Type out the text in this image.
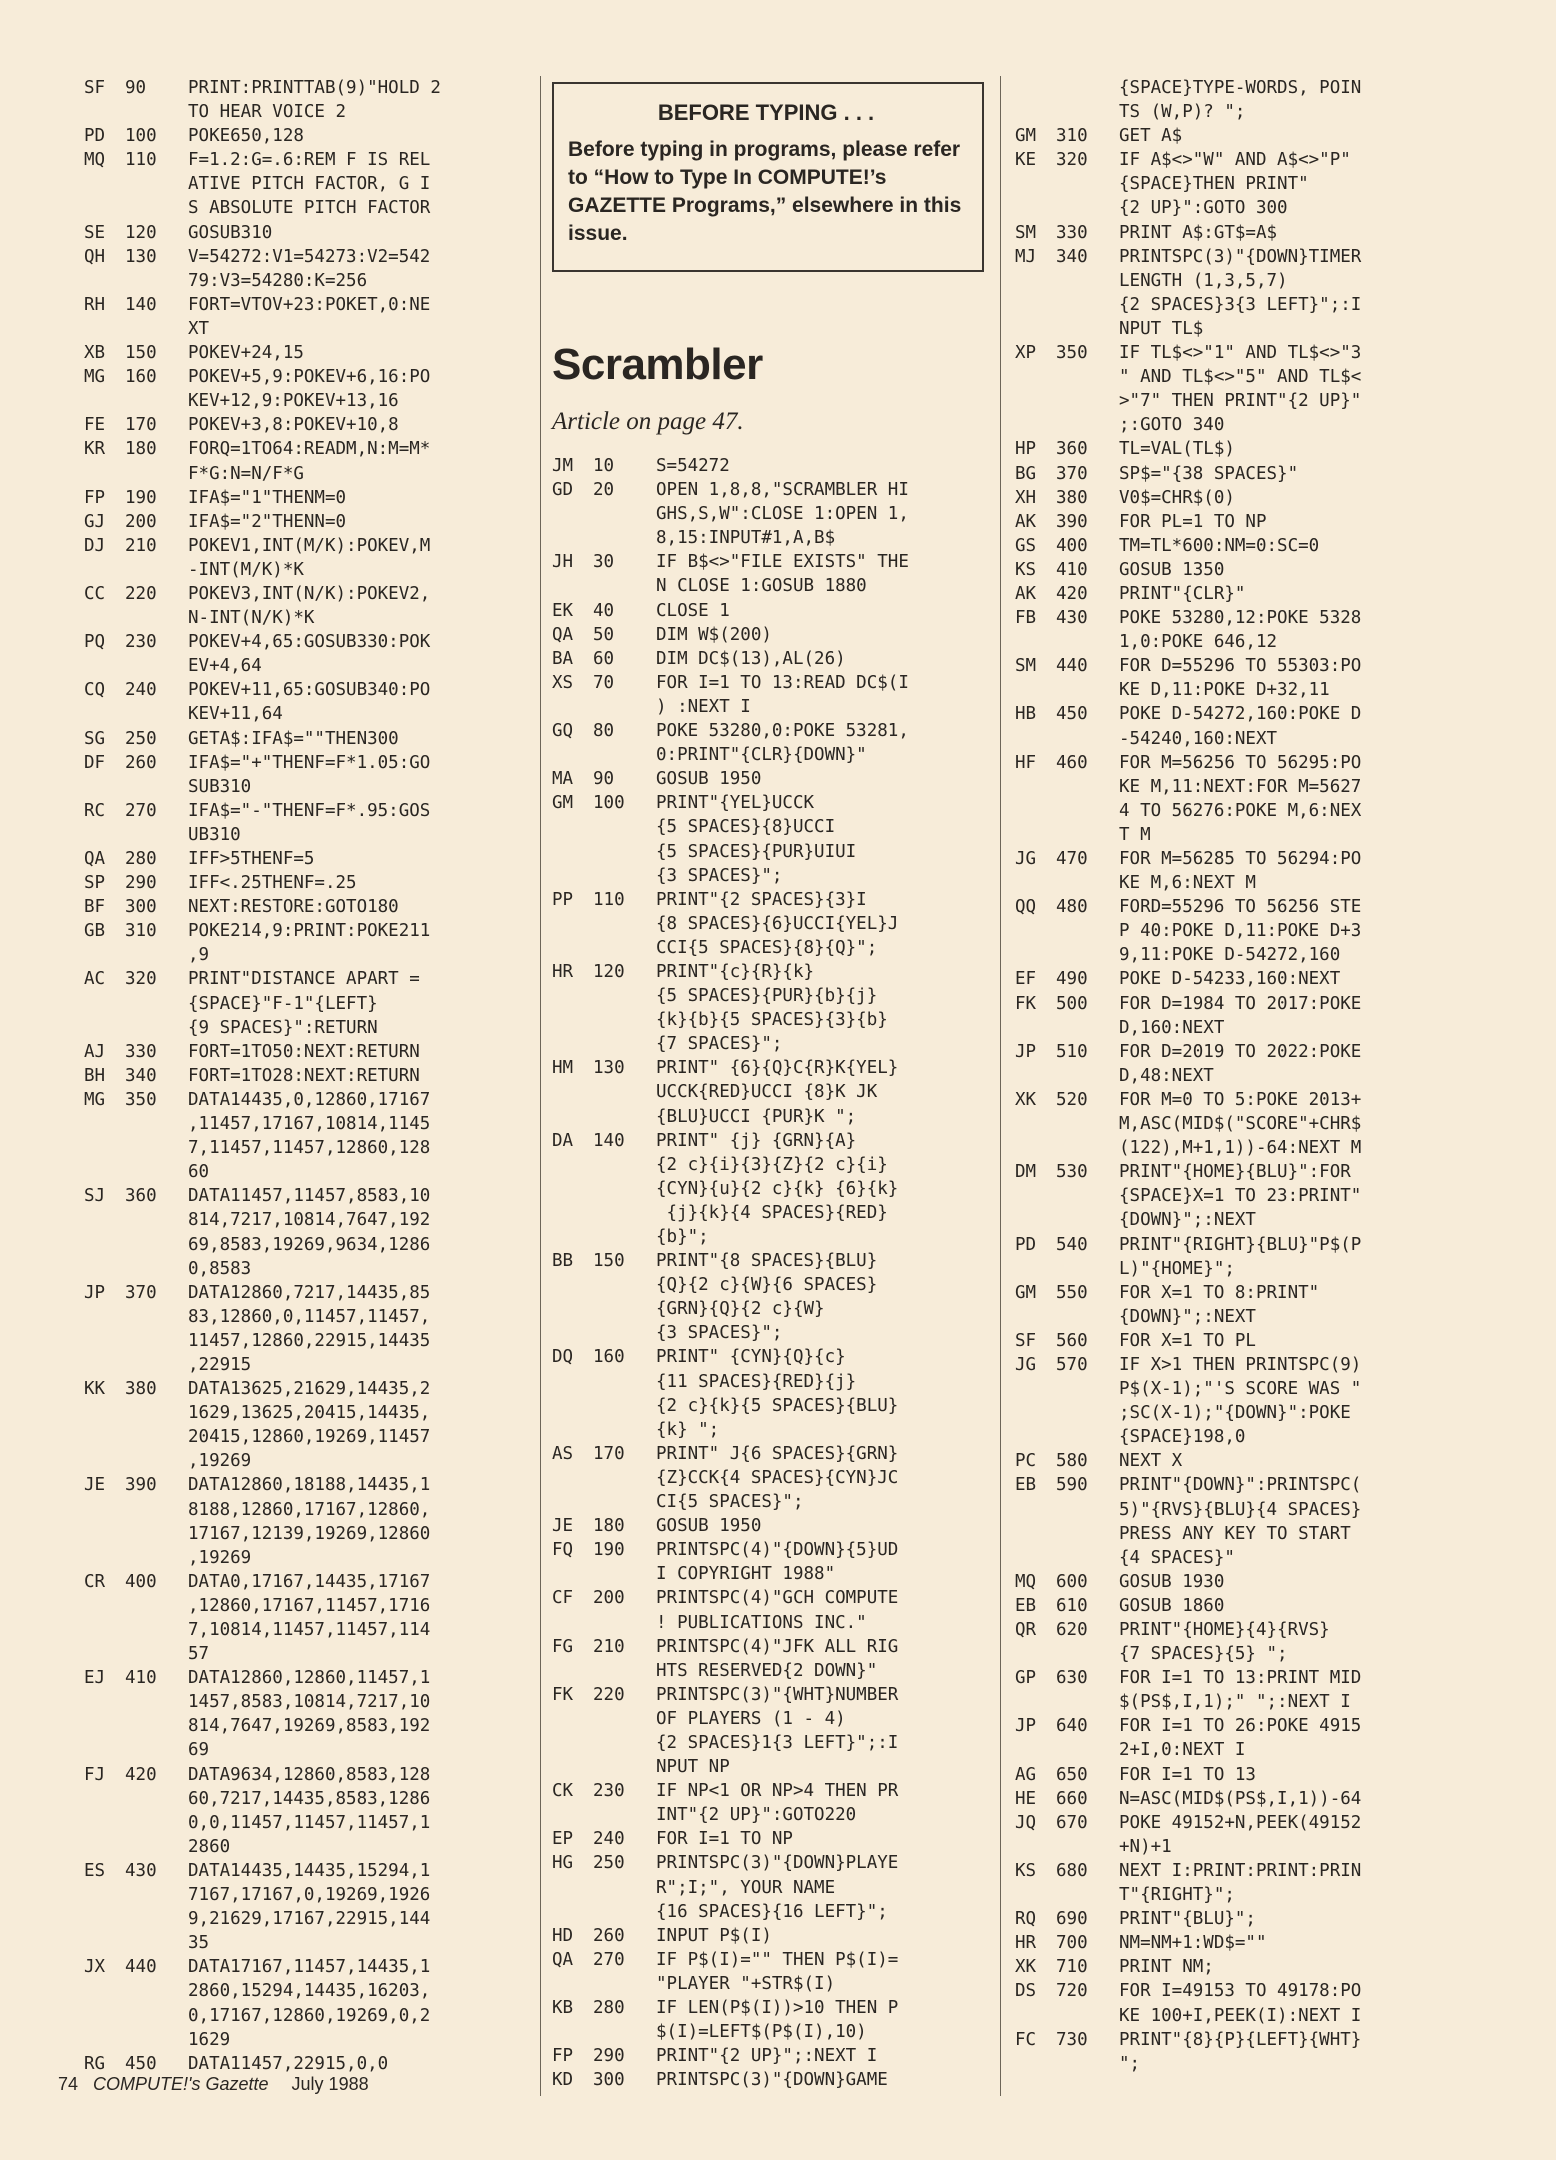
SF 90 PRINT:PRINTTAB(9)"HOLD 2
TO HEAR VOICE 2
PD 100 POKE650,128
MQ 110 F=1.2:G=.6:REM F IS REL
ATIVE PITCH FACTOR, G I
S ABSOLUTE PITCH FACTOR
SE 120 GOSUB310
QH 130 V=54272:V1=54273:V2=542
79:V3=54280:K=256
RH 140 FORT=VTOV+23:POKET,0:NE
XT
XB 150 POKEV+24,15
MG 160 POKEV+5,9:POKEV+6,16:PO
KEV+12,9:POKEV+13,16
FE 170 POKEV+3,8:POKEV+10,8
KR 180 FORQ=1TO64:READM,N:M=M*
F*G:N=N/F*G
FP 190 IFA$="1"THENM=0
GJ 200 IFA$="2"THENN=0
DJ 210 POKEV1,INT(M/K):POKEV,M
-INT(M/K)*K
CC 220 POKEV3,INT(N/K):POKEV2,
N-INT(N/K)*K
PQ 230 POKEV+4,65:GOSUB330:POK
EV+4,64
CQ 240 POKEV+11,65:GOSUB340:PO
KEV+11,64
SG 250 GETA$:IFA$=""THEN300
DF 260 IFA$="+"THENF=F*1.05:GO
SUB310
RC 270 IFA$="-"THENF=F*.95:GOS
UB310
QA 280 IFF>5THENF=5
SP 290 IFF<.25THENF=.25
BF 300 NEXT:RESTORE:GOTO180
GB 310 POKE214,9:PRINT:POKE211
,9
AC 320 PRINT"DISTANCE APART =
{SPACE}"F-1"{LEFT}
{9 SPACES}":RETURN
AJ 330 FORT=1TO50:NEXT:RETURN
BH 340 FORT=1TO28:NEXT:RETURN
MG 350 DATA14435,0,12860,17167
,11457,17167,10814,1145
7,11457,11457,12860,128
60
SJ 360 DATA11457,11457,8583,10
814,7217,10814,7647,192
69,8583,19269,9634,1286
0,8583
JP 370 DATA12860,7217,14435,85
83,12860,0,11457,11457,
11457,12860,22915,14435
,22915
KK 380 DATA13625,21629,14435,2
1629,13625,20415,14435,
20415,12860,19269,11457
,19269
JE 390 DATA12860,18188,14435,1
8188,12860,17167,12860,
17167,12139,19269,12860
,19269
CR 400 DATA0,17167,14435,17167
,12860,17167,11457,1716
7,10814,11457,11457,114
57
EJ 410 DATA12860,12860,11457,1
1457,8583,10814,7217,10
814,7647,19269,8583,192
69
FJ 420 DATA9634,12860,8583,128
60,7217,14435,8583,1286
0,0,11457,11457,11457,1
2860
ES 430 DATA14435,14435,15294,1
7167,17167,0,19269,1926
9,21629,17167,22915,144
35
JX 440 DATA17167,11457,14435,1
2860,15294,14435,16203,
0,17167,12860,19269,0,2
1629
RG 450 DATA11457,22915,0,0
BEFORE TYPING . . .
Before typing in programs, please refer to “How to Type In COMPUTE!’s GAZETTE Programs,” elsewhere in this issue.
Scrambler
Article on page 47.
JM 10 S=54272
GD 20 OPEN 1,8,8,"SCRAMBLER HI
GHS,S,W":CLOSE 1:OPEN 1,
8,15:INPUT#1,A,B$
JH 30 IF B$<>"FILE EXISTS" THE
N CLOSE 1:GOSUB 1880
EK 40 CLOSE 1
QA 50 DIM W$(200)
BA 60 DIM DC$(13),AL(26)
XS 70 FOR I=1 TO 13:READ DC$(I
) :NEXT I
GQ 80 POKE 53280,0:POKE 53281,
0:PRINT"{CLR}{DOWN}"
MA 90 GOSUB 1950
GM 100 PRINT"{YEL}UCCK
{5 SPACES}{8}UCCI
{5 SPACES}{PUR}UIUI
{3 SPACES}";
PP 110 PRINT"{2 SPACES}{3}I
{8 SPACES}{6}UCCI{YEL}J
CCI{5 SPACES}{8}{Q}";
HR 120 PRINT"{c}{R}{k}
{5 SPACES}{PUR}{b}{j}
{k}{b}{5 SPACES}{3}{b}
{7 SPACES}";
HM 130 PRINT" {6}{Q}C{R}K{YEL}
UCCK{RED}UCCI {8}K JK
{BLU}UCCI {PUR}K ";
DA 140 PRINT" {j} {GRN}{A}
{2 c}{i}{3}{Z}{2 c}{i}
{CYN}{u}{2 c}{k} {6}{k}
{j}{k}{4 SPACES}{RED}
{b}";
BB 150 PRINT"{8 SPACES}{BLU}
{Q}{2 c}{W}{6 SPACES}
{GRN}{Q}{2 c}{W}
{3 SPACES}";
DQ 160 PRINT" {CYN}{Q}{c}
{11 SPACES}{RED}{j}
{2 c}{k}{5 SPACES}{BLU}
{k} ";
AS 170 PRINT" J{6 SPACES}{GRN}
{Z}CCK{4 SPACES}{CYN}JC
CI{5 SPACES}";
JE 180 GOSUB 1950
FQ 190 PRINTSPC(4)"{DOWN}{5}UD
I COPYRIGHT 1988"
CF 200 PRINTSPC(4)"GCH COMPUTE
! PUBLICATIONS INC."
FG 210 PRINTSPC(4)"JFK ALL RIG
HTS RESERVED{2 DOWN}"
FK 220 PRINTSPC(3)"{WHT}NUMBER
OF PLAYERS (1 - 4)
{2 SPACES}1{3 LEFT}";:I
NPUT NP
CK 230 IF NP<1 OR NP>4 THEN PR
INT"{2 UP}":GOTO220
EP 240 FOR I=1 TO NP
HG 250 PRINTSPC(3)"{DOWN}PLAYE
R";I;", YOUR NAME
{16 SPACES}{16 LEFT}";
HD 260 INPUT P$(I)
QA 270 IF P$(I)="" THEN P$(I)=
"PLAYER "+STR$(I)
KB 280 IF LEN(P$(I))>10 THEN P
$(I)=LEFT$(P$(I),10)
FP 290 PRINT"{2 UP}";:NEXT I
KD 300 PRINTSPC(3)"{DOWN}GAME
{SPACE}TYPE-WORDS, POIN
TS (W,P)? ";
GM 310 GET A$
KE 320 IF A$<>"W" AND A$<>"P"
{SPACE}THEN PRINT"
{2 UP}":GOTO 300
SM 330 PRINT A$:GT$=A$
MJ 340 PRINTSPC(3)"{DOWN}TIMER
LENGTH (1,3,5,7)
{2 SPACES}3{3 LEFT}";:I
NPUT TL$
XP 350 IF TL$<>"1" AND TL$<>"3
" AND TL$<>"5" AND TL$<
>"7" THEN PRINT"{2 UP}"
;:GOTO 340
HP 360 TL=VAL(TL$)
BG 370 SP$="{38 SPACES}"
XH 380 V0$=CHR$(0)
AK 390 FOR PL=1 TO NP
GS 400 TM=TL*600:NM=0:SC=0
KS 410 GOSUB 1350
AK 420 PRINT"{CLR}"
FB 430 POKE 53280,12:POKE 5328
1,0:POKE 646,12
SM 440 FOR D=55296 TO 55303:PO
KE D,11:POKE D+32,11
HB 450 POKE D-54272,160:POKE D
-54240,160:NEXT
HF 460 FOR M=56256 TO 56295:PO
KE M,11:NEXT:FOR M=5627
4 TO 56276:POKE M,6:NEX
T M
JG 470 FOR M=56285 TO 56294:PO
KE M,6:NEXT M
QQ 480 FORD=55296 TO 56256 STE
P 40:POKE D,11:POKE D+3
9,11:POKE D-54272,160
EF 490 POKE D-54233,160:NEXT
FK 500 FOR D=1984 TO 2017:POKE
D,160:NEXT
JP 510 FOR D=2019 TO 2022:POKE
D,48:NEXT
XK 520 FOR M=0 TO 5:POKE 2013+
M,ASC(MID$("SCORE"+CHR$
(122),M+1,1))-64:NEXT M
DM 530 PRINT"{HOME}{BLU}":FOR
{SPACE}X=1 TO 23:PRINT"
{DOWN}";:NEXT
PD 540 PRINT"{RIGHT}{BLU}"P$(P
L)"{HOME}";
GM 550 FOR X=1 TO 8:PRINT"
{DOWN}";:NEXT
SF 560 FOR X=1 TO PL
JG 570 IF X>1 THEN PRINTSPC(9)
P$(X-1);"'S SCORE WAS "
;SC(X-1);"{DOWN}":POKE
{SPACE}198,0
PC 580 NEXT X
EB 590 PRINT"{DOWN}":PRINTSPC(
5)"{RVS}{BLU}{4 SPACES}
PRESS ANY KEY TO START
{4 SPACES}"
MQ 600 GOSUB 1930
EB 610 GOSUB 1860
QR 620 PRINT"{HOME}{4}{RVS}
{7 SPACES}{5} ";
GP 630 FOR I=1 TO 13:PRINT MID
$(PS$,I,1);" ";:NEXT I
JP 640 FOR I=1 TO 26:POKE 4915
2+I,0:NEXT I
AG 650 FOR I=1 TO 13
HE 660 N=ASC(MID$(PS$,I,1))-64
JQ 670 POKE 49152+N,PEEK(49152
+N)+1
KS 680 NEXT I:PRINT:PRINT:PRIN
T"{RIGHT}";
RQ 690 PRINT"{BLU}";
HR 700 NM=NM+1:WD$=""
XK 710 PRINT NM;
DS 720 FOR I=49153 TO 49178:PO
KE 100+I,PEEK(I):NEXT I
FC 730 PRINT"{8}{P}{LEFT}{WHT}
";
74 COMPUTE!'s Gazette July 1988
